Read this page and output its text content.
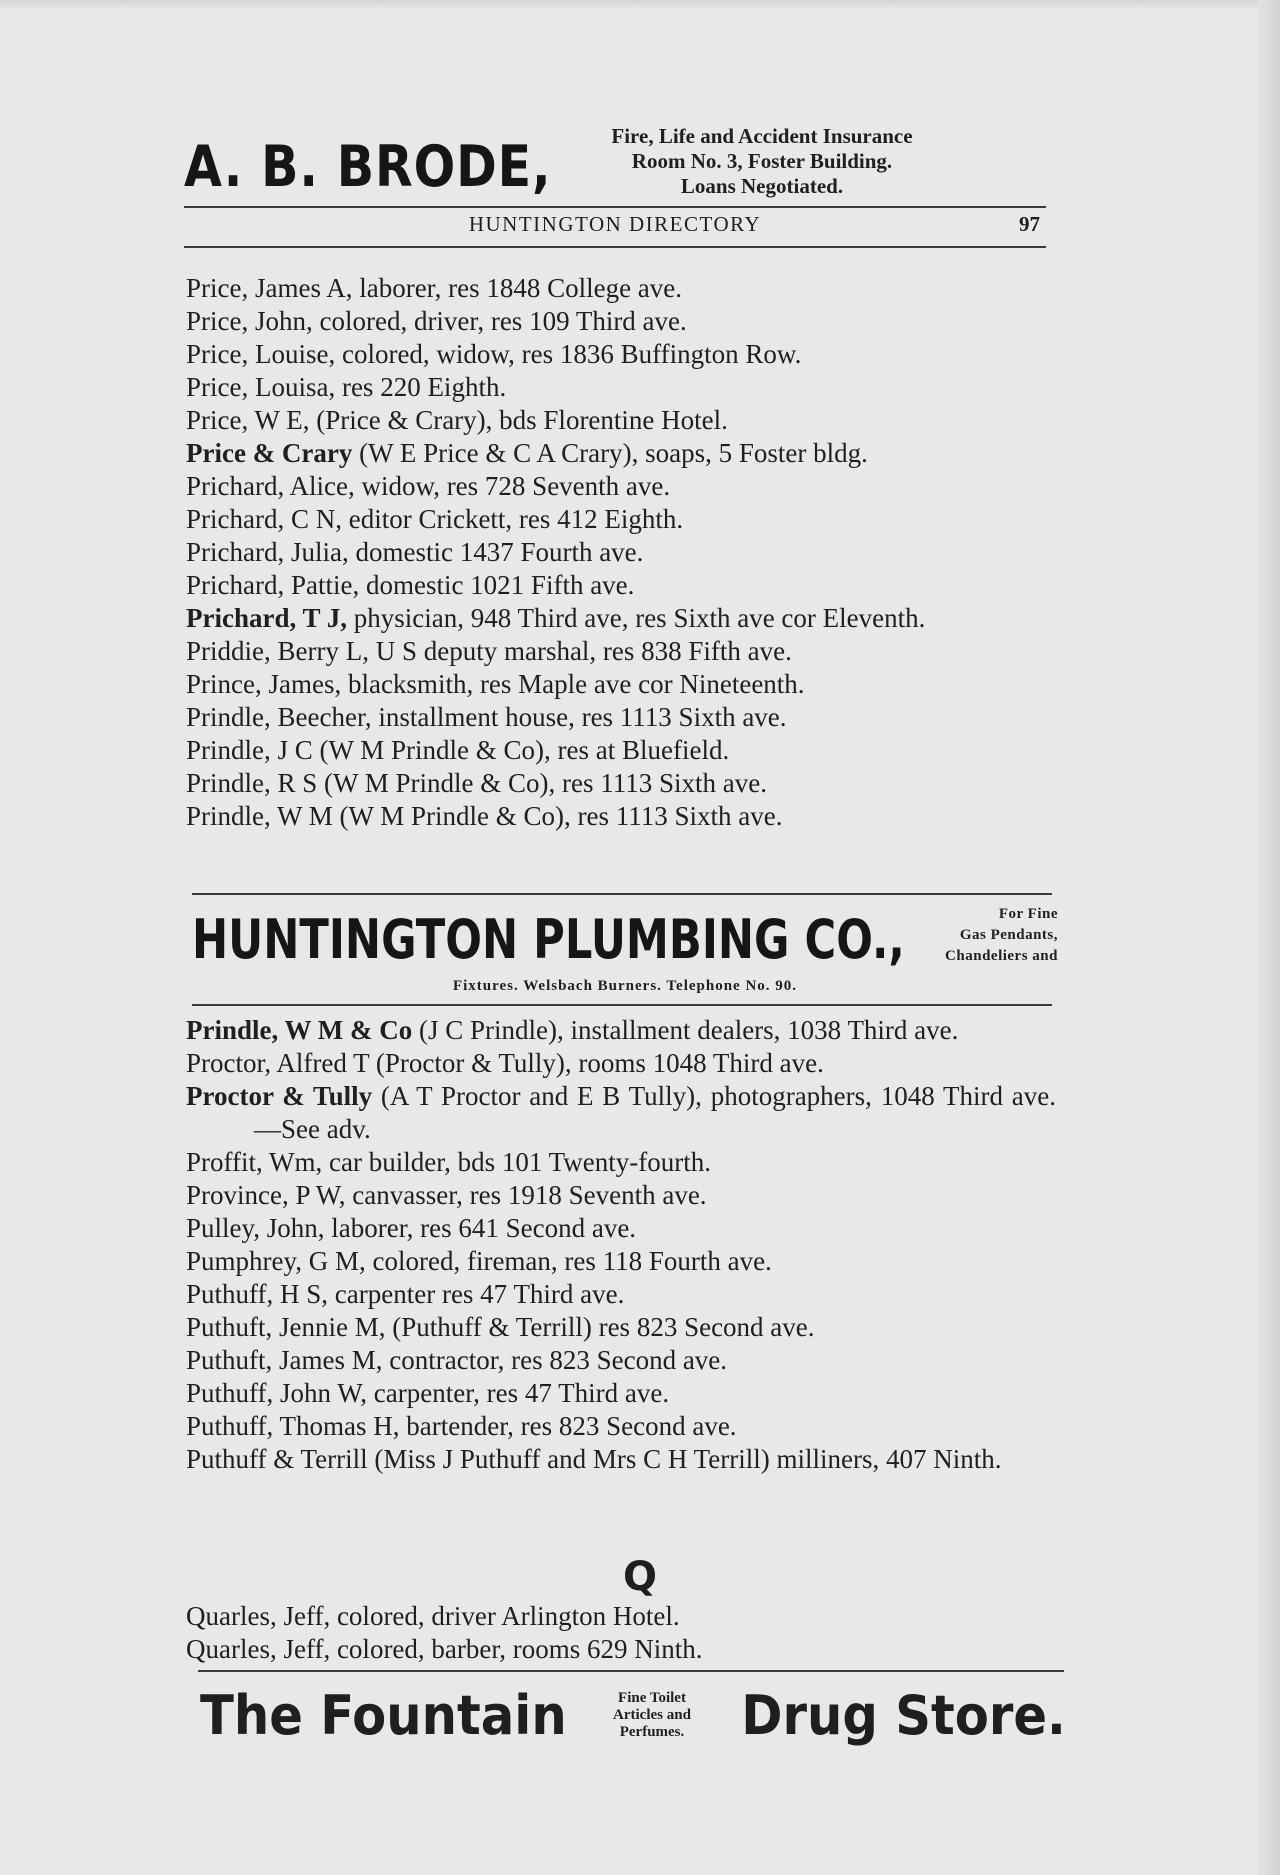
A. B. BRODE,	Fire, Life and Accident Insurance
Room No. 3, Foster Building.
Loans Negotiated.
HUNTINGTON DIRECTORY	97
Price, James A, laborer, res 1848 College ave.
Price, John, colored, driver, res 109 Third ave.
Price, Louise, colored, widow, res 1836 Buffington Row.
Price, Louisa, res 220 Eighth.
Price, W E, (Price & Crary), bds Florentine Hotel.
Price & Crary (W E Price & C A Crary), soaps, 5 Foster bldg.
Prichard, Alice, widow, res 728 Seventh ave.
Prichard, C N, editor Crickett, res 412 Eighth.
Prichard, Julia, domestic 1437 Fourth ave.
Prichard, Pattie, domestic 1021 Fifth ave.
Prichard, T J, physician, 948 Third ave, res Sixth ave cor Eleventh.
Priddie, Berry L, U S deputy marshal, res 838 Fifth ave.
Prince, James, blacksmith, res Maple ave cor Nineteenth.
Prindle, Beecher, installment house, res 1113 Sixth ave.
Prindle, J C (W M Prindle & Co), res at Bluefield.
Prindle, R S (W M Prindle & Co), res 1113 Sixth ave.
Prindle, W M (W M Prindle & Co), res 1113 Sixth ave.
HUNTINGTON PLUMBING CO.,	For Fine
Gas Pendants,
Chandeliers and
Fixtures. Welsbach Burners. Telephone No. 90.
Prindle, W M & Co (J C Prindle), installment dealers, 1038 Third ave.
Proctor, Alfred T (Proctor & Tully), rooms 1048 Third ave.
Proctor & Tully (A T Proctor and E B Tully), photographers, 1048 Third ave.—See adv.
Proffit, Wm, car builder, bds 101 Twenty-fourth.
Province, P W, canvasser, res 1918 Seventh ave.
Pulley, John, laborer, res 641 Second ave.
Pumphrey, G M, colored, fireman, res 118 Fourth ave.
Puthuff, H S, carpenter res 47 Third ave.
Puthuft, Jennie M, (Puthuff & Terrill) res 823 Second ave.
Puthuft, James M, contractor, res 823 Second ave.
Puthuff, John W, carpenter, res 47 Third ave.
Puthuff, Thomas H, bartender, res 823 Second ave.
Puthuff & Terrill (Miss J Puthuff and Mrs C H Terrill) milliners, 407 Ninth.
Q
Quarles, Jeff, colored, driver Arlington Hotel.
Quarles, Jeff, colored, barber, rooms 629 Ninth.
The Fountain	Fine Toilet
Articles and
Perfumes.	Drug Store.
